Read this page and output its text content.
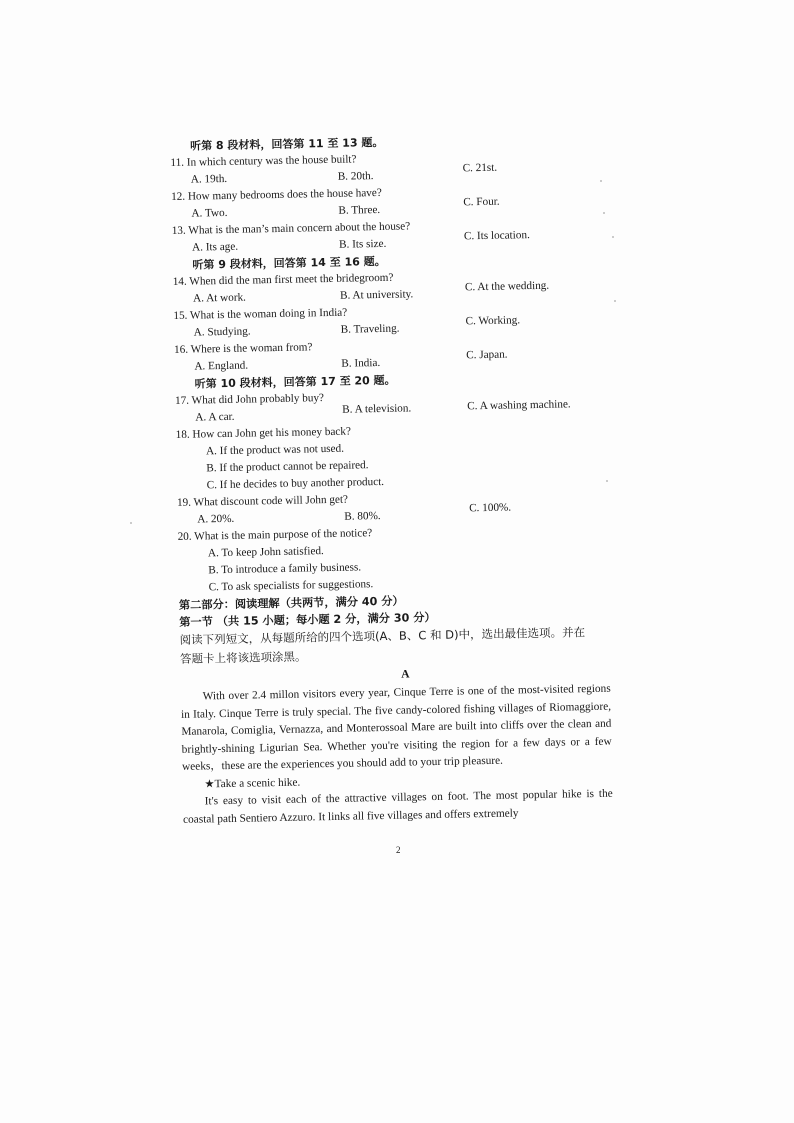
听第 8 段材料，回答第 11 至 13 题。
11. In which century was the house built?
A. 19th.	B. 20th.
C. 21st.
12. How many bedrooms does the house have?
A. Two.	B. Three.
C. Four.
13. What is the man’s main concern about the house?
A. Its age.	B. Its size.
C. Its location.
听第 9 段材料，回答第 14 至 16 题。
14. When did the man first meet the bridegroom?
A. At work.	B. At university.
C. At the wedding.
15. What is the woman doing in India?
A. Studying.	B. Traveling.
C. Working.
16. Where is the woman from?
A. England.	B. India.
C. Japan.
听第 10 段材料，回答第 17 至 20 题。
17. What did John probably buy?
A. A car.
B. A television.	C. A washing machine.
18. How can John get his money back?
A. If the product was not used.
B. If the product cannot be repaired.
C. If he decides to buy another product.
19. What discount code will John get?
A. 20%.	B. 80%.
C. 100%.
20. What is the main purpose of the notice?
A. To keep John satisfied.
B. To introduce a family business.
C. To ask specialists for suggestions.
第二部分：阅读理解（共两节，满分 40 分）
第一节 （共 15 小题；每小题 2 分，满分 30 分）
阅读下列短文，从每题所给的四个选项(A、B、C 和 D)中，选出最佳选项。并在
答题卡上将该选项涂黑。
A

With over 2.4 millon visitors every year, Cinque Terre is one of the most-visited regions in Italy. Cinque Terre is truly special. The five candy-colored fishing villages of Riomaggiore, Manarola, Comiglia, Vernazza, and Monterossoal Mare are built into cliffs over the clean and brightly-shining Ligurian Sea. Whether you're visiting the region for a few days or a few weeks，these are the experiences you should add to your trip pleasure.

★Take a scenic hike.

It's easy to visit each of the attractive villages on foot. The most popular hike is the coastal path Sentiero Azzuro. It links all five villages and offers extremely

2
